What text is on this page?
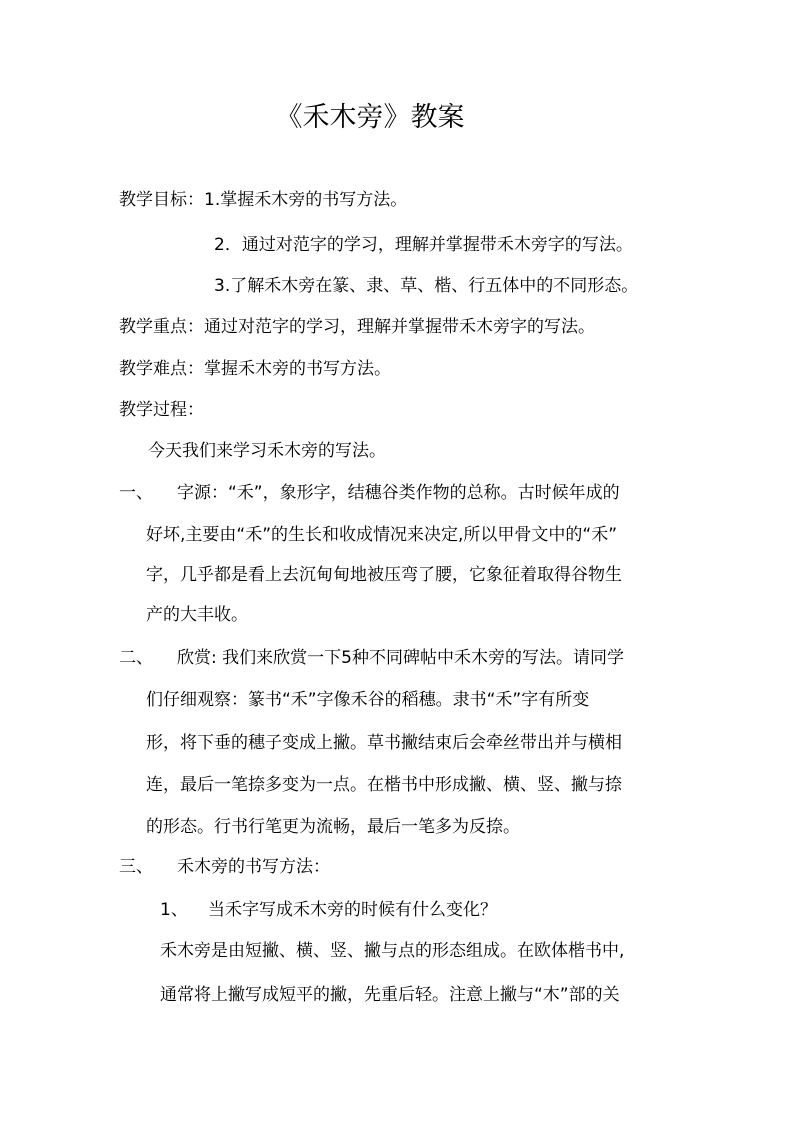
《禾木旁》教案
教学目标：1.掌握禾木旁的书写方法。
2．通过对范字的学习，理解并掌握带禾木旁字的写法。
3.了解禾木旁在篆、隶、草、楷、行五体中的不同形态。
教学重点：通过对范字的学习，理解并掌握带禾木旁字的写法。
教学难点：掌握禾木旁的书写方法。
教学过程：
今天我们来学习禾木旁的写法。
一、 字源：“禾”，象形字，结穗谷类作物的总称。古时候年成的
好坏,主要由“禾”的生长和收成情况来决定,所以甲骨文中的“禾”
字，几乎都是看上去沉甸甸地被压弯了腰，它象征着取得谷物生
产的大丰收。
二、 欣赏: 我们来欣赏一下5种不同碑帖中禾木旁的写法。请同学
们仔细观察：篆书“禾”字像禾谷的稻穗。隶书“禾”字有所变
形，将下垂的穗子变成上撇。草书撇结束后会牵丝带出并与横相
连，最后一笔捺多变为一点。在楷书中形成撇、横、竖、撇与捺
的形态。行书行笔更为流畅，最后一笔多为反捺。
三、 禾木旁的书写方法：
1、 当禾字写成禾木旁的时候有什么变化？
禾木旁是由短撇、横、竖、撇与点的形态组成。在欧体楷书中,
通常将上撇写成短平的撇，先重后轻。注意上撇与“木”部的关
